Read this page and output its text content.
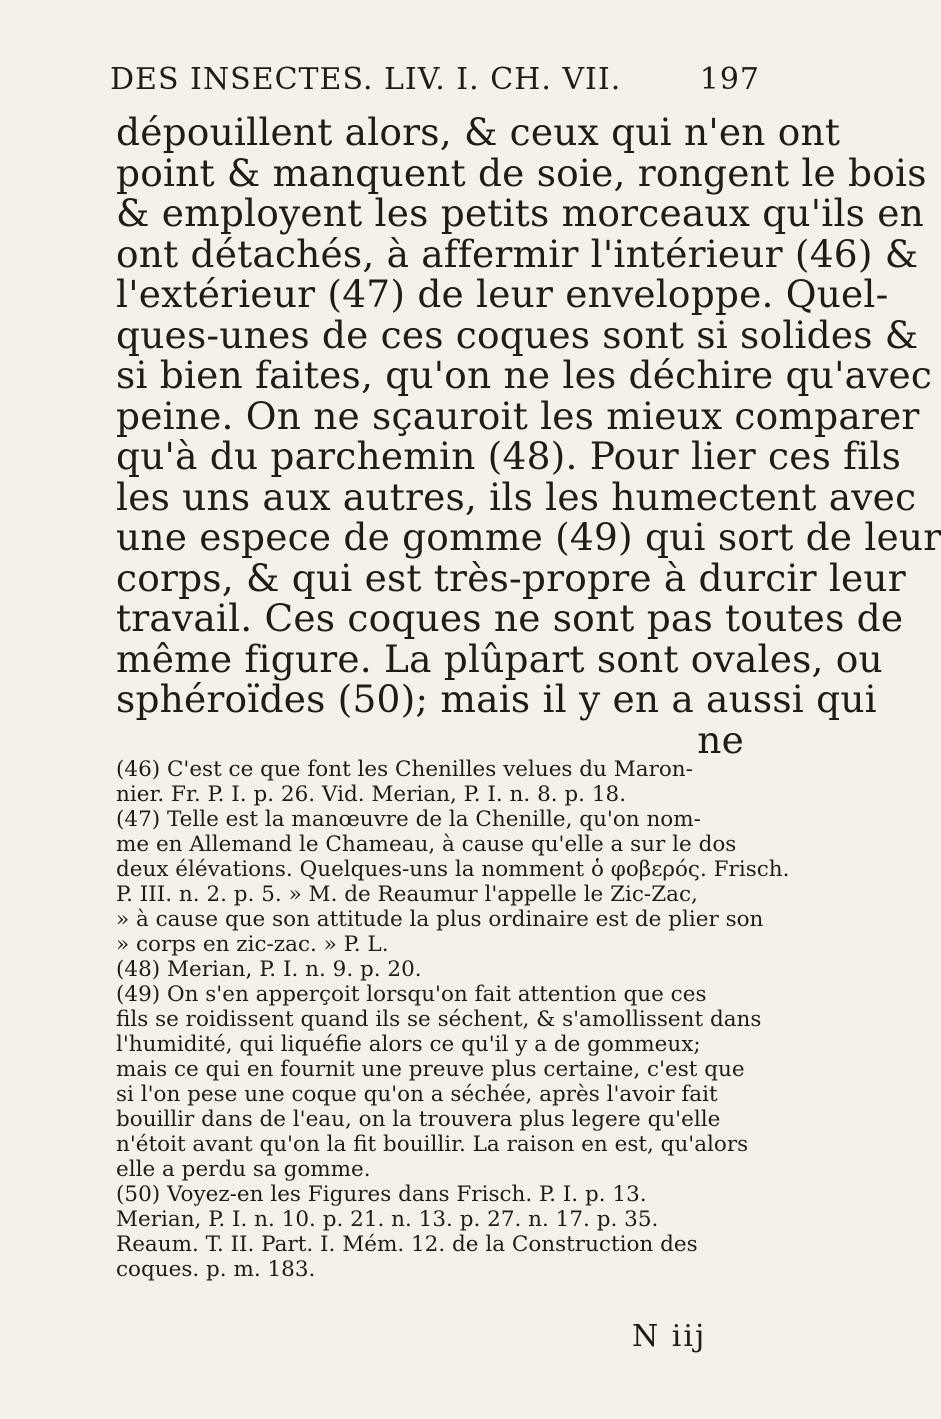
DES INSECTES. LIV. I. CH. VII.	197
dépouillent alors, & ceux qui n'en ont
point & manquent de soie, rongent le bois
& employent les petits morceaux qu'ils en
ont détachés, à affermir l'intérieur (46) &
l'extérieur (47) de leur enveloppe. Quel-
ques-unes de ces coques sont si solides &
si bien faites, qu'on ne les déchire qu'avec
peine. On ne sçauroit les mieux comparer
qu'à du parchemin (48). Pour lier ces fils
les uns aux autres, ils les humectent avec
une espece de gomme (49) qui sort de leur
corps, & qui est très-propre à durcir leur
travail. Ces coques ne sont pas toutes de
même figure. La plûpart sont ovales, ou
sphéroïdes (50); mais il y en a aussi qui
ne
(46) C'est ce que font les Chenilles velues du Maron-
nier. Fr. P. I. p. 26. Vid. Merian, P. I. n. 8. p. 18.
(47) Telle est la manœuvre de la Chenille, qu'on nom-
me en Allemand le Chameau, à cause qu'elle a sur le dos
deux élévations. Quelques-uns la nomment ὁ φοβερός. Frisch.
P. III. n. 2. p. 5. » M. de Reaumur l'appelle le Zic-Zac,
» à cause que son attitude la plus ordinaire est de plier son
» corps en zic-zac. » P. L.
(48) Merian, P. I. n. 9. p. 20.
(49) On s'en apperçoit lorsqu'on fait attention que ces
fils se roidissent quand ils se séchent, & s'amollissent dans
l'humidité, qui liquéfie alors ce qu'il y a de gommeux;
mais ce qui en fournit une preuve plus certaine, c'est que
si l'on pese une coque qu'on a séchée, après l'avoir fait
bouillir dans de l'eau, on la trouvera plus legere qu'elle
n'étoit avant qu'on la fit bouillir. La raison en est, qu'alors
elle a perdu sa gomme.
(50) Voyez-en les Figures dans Frisch. P. I. p. 13.
Merian, P. I. n. 10. p. 21. n. 13. p. 27. n. 17. p. 35.
Reaum. T. II. Part. I. Mém. 12. de la Construction des
coques. p. m. 183.
N iij
